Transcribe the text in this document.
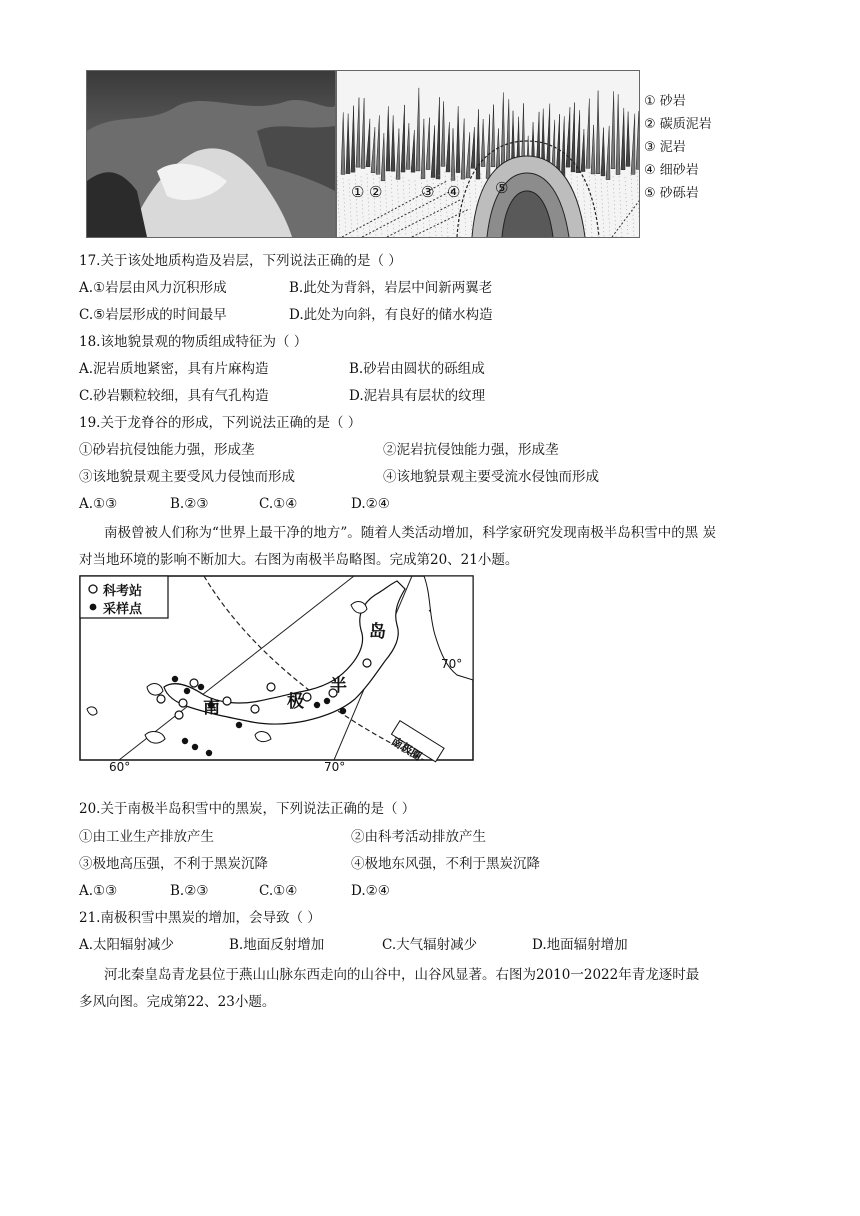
① ②	③ ④ ⑤
① 砂岩
② 碳质泥岩
③ 泥岩
④ 细砂岩
⑤ 砂砾岩
17.关于该处地质构造及岩层，下列说法正确的是（ ）
A.①岩层由风力沉积形成	B.此处为背斜，岩层中间新两翼老
C.⑤岩层形成的时间最早	D.此处为向斜，有良好的储水构造
18.该地貌景观的物质组成特征为（ ）
A.泥岩质地紧密，具有片麻构造	B.砂岩由圆状的砾组成
C.砂岩颗粒较细，具有气孔构造	D.泥岩具有层状的纹理
19.关于龙脊谷的形成，下列说法正确的是（ ）
①砂岩抗侵蚀能力强，形成垄	②泥岩抗侵蚀能力强，形成垄
③该地貌景观主要受风力侵蚀而形成	④该地貌景观主要受流水侵蚀而形成
A.①③	B.②③	C.①④	D.②④
南极曾被人们称为“世界上最干净的地方”。随着人类活动增加，科学家研究发现南极半岛积雪中的黑 炭
对当地环境的影响不断加大。右图为南极半岛略图。完成第20、21小题。
科考站
采样点
南	极
半
岛
70°
60°	70°
南极圈
20.关于南极半岛积雪中的黑炭，下列说法正确的是（ ）
①由工业生产排放产生	②由科考活动排放产生
③极地高压强，不利于黑炭沉降	④极地东风强，不利于黑炭沉降
A.①③	B.②③	C.①④	D.②④
21.南极积雪中黑炭的增加，会导致（ ）
A.太阳辐射减少	B.地面反射增加	C.大气辐射减少	D.地面辐射增加
河北秦皇岛青龙县位于燕山山脉东西走向的山谷中，山谷风显著。右图为2010一2022年青龙逐时最
多风向图。完成第22、23小题。
